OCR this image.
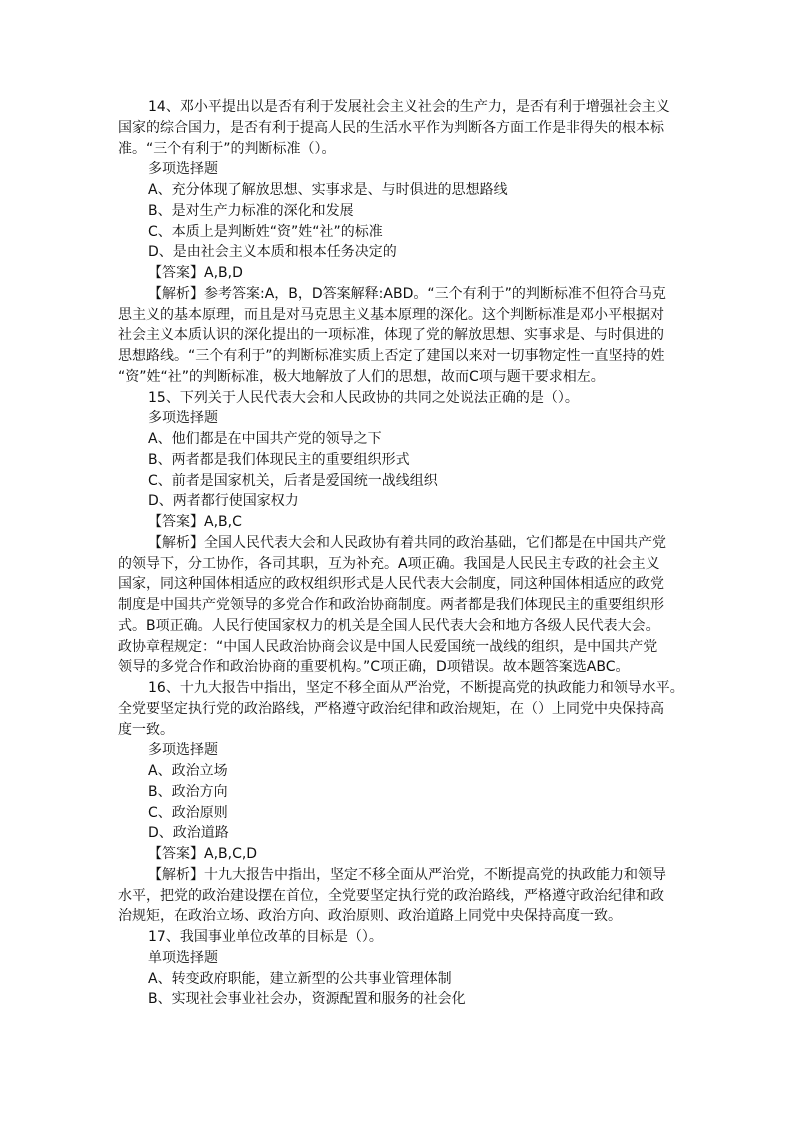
14、邓小平提出以是否有利于发展社会主义社会的生产力，是否有利于增强社会主义
国家的综合国力，是否有利于提高人民的生活水平作为判断各方面工作是非得失的根本标
准。“三个有利于”的判断标准（）。
多项选择题
A、充分体现了解放思想、实事求是、与时俱进的思想路线
B、是对生产力标准的深化和发展
C、本质上是判断姓“资”姓“社”的标准
D、是由社会主义本质和根本任务决定的
【答案】A,B,D
【解析】参考答案:A，B，D答案解释:ABD。“三个有利于”的判断标准不但符合马克
思主义的基本原理，而且是对马克思主义基本原理的深化。这个判断标准是邓小平根据对
社会主义本质认识的深化提出的一项标准，体现了党的解放思想、实事求是、与时俱进的
思想路线。“三个有利于”的判断标准实质上否定了建国以来对一切事物定性一直坚持的姓
“资”姓“社”的判断标准，极大地解放了人们的思想，故而C项与题干要求相左。
15、下列关于人民代表大会和人民政协的共同之处说法正确的是（）。
多项选择题
A、他们都是在中国共产党的领导之下
B、两者都是我们体现民主的重要组织形式
C、前者是国家机关，后者是爱国统一战线组织
D、两者都行使国家权力
【答案】A,B,C
【解析】全国人民代表大会和人民政协有着共同的政治基础，它们都是在中国共产党
的领导下，分工协作，各司其职，互为补充。A项正确。我国是人民民主专政的社会主义
国家，同这种国体相适应的政权组织形式是人民代表大会制度，同这种国体相适应的政党
制度是中国共产党领导的多党合作和政治协商制度。两者都是我们体现民主的重要组织形
式。B项正确。人民行使国家权力的机关是全国人民代表大会和地方各级人民代表大会。
政协章程规定：“中国人民政治协商会议是中国人民爱国统一战线的组织，是中国共产党
领导的多党合作和政治协商的重要机构。”C项正确，D项错误。故本题答案选ABC。
16、十九大报告中指出，坚定不移全面从严治党，不断提高党的执政能力和领导水平。
全党要坚定执行党的政治路线，严格遵守政治纪律和政治规矩，在（）上同党中央保持高
度一致。
多项选择题
A、政治立场
B、政治方向
C、政治原则
D、政治道路
【答案】A,B,C,D
【解析】十九大报告中指出，坚定不移全面从严治党，不断提高党的执政能力和领导
水平，把党的政治建设摆在首位，全党要坚定执行党的政治路线，严格遵守政治纪律和政
治规矩，在政治立场、政治方向、政治原则、政治道路上同党中央保持高度一致。
17、我国事业单位改革的目标是（）。
单项选择题
A、转变政府职能，建立新型的公共事业管理体制
B、实现社会事业社会办，资源配置和服务的社会化
